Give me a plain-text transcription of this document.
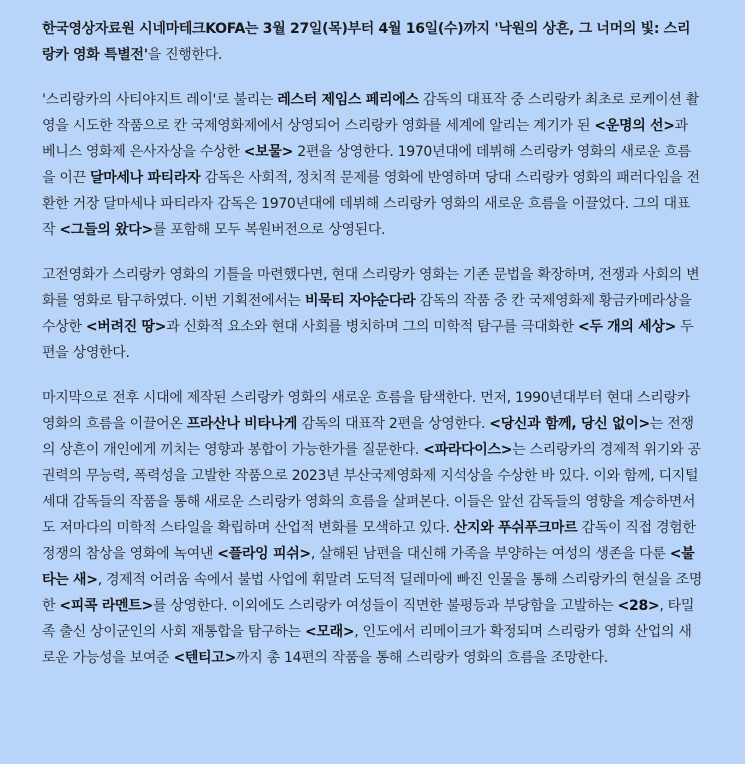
한국영상자료원 시네마테크KOFA는 3월 27일(목)부터 4월 16일(수)까지 '낙원의 상흔, 그 너머의 빛: 스리랑카 영화 특별전'을 진행한다.

'스리랑카의 사티야지트 레이'로 불리는 레스터 제임스 페리에스 감독의 대표작 중 스리랑카 최초로 로케이션 촬영을 시도한 작품으로 칸 국제영화제에서 상영되어 스리랑카 영화를 세계에 알리는 계기가 된 <운명의 선>과 베니스 영화제 은사자상을 수상한 <보물> 2편을 상영한다. 1970년대에 데뷔해 스리랑카 영화의 새로운 흐름을 이끈 달마세나 파티라자 감독은 사회적, 정치적 문제를 영화에 반영하며 당대 스리랑카 영화의 패러다임을 전환한 거장 달마세나 파티라자 감독은 1970년대에 데뷔해 스리랑카 영화의 새로운 흐름을 이끌었다. 그의 대표작 <그들의 왔다>를 포함해 모두 복원버전으로 상영된다.

고전영화가 스리랑카 영화의 기틀을 마련했다면, 현대 스리랑카 영화는 기존 문법을 확장하며, 전쟁과 사회의 변화를 영화로 탐구하였다. 이번 기획전에서는 비묵티 자야순다라 감독의 작품 중 칸 국제영화제 황금카메라상을 수상한 <버려진 땅>과 신화적 요소와 현대 사회를 병치하며 그의 미학적 탐구를 극대화한 <두 개의 세상> 두 편을 상영한다.

마지막으로 전후 시대에 제작된 스리랑카 영화의 새로운 흐름을 탐색한다. 먼저, 1990년대부터 현대 스리랑카 영화의 흐름을 이끌어온 프라산나 비타나게 감독의 대표작 2편을 상영한다. <당신과 함께, 당신 없이>는 전쟁의 상흔이 개인에게 끼치는 영향과 봉합이 가능한가를 질문한다. <파라다이스>는 스리랑카의 경제적 위기와 공권력의 무능력, 폭력성을 고발한 작품으로 2023년 부산국제영화제 지석상을 수상한 바 있다. 이와 함께, 디지털 세대 감독들의 작품을 통해 새로운 스리랑카 영화의 흐름을 살펴본다. 이들은 앞선 감독들의 영향을 계승하면서도 저마다의 미학적 스타일을 확립하며 산업적 변화를 모색하고 있다. 산지와 푸쉬푸크마르 감독이 직접 경험한 정쟁의 참상을 영화에 녹여낸 <플라잉 피쉬>, 살해된 남편을 대신해 가족을 부양하는 여성의 생존을 다룬 <불타는 새>, 경제적 어려움 속에서 불법 사업에 휘말려 도덕적 딜레마에 빠진 인물을 통해 스리랑카의 현실을 조명한 <피콕 라멘트>를 상영한다. 이외에도 스리랑카 여성들이 직면한 불평등과 부당함을 고발하는 <28>, 타밀족 출신 상이군인의 사회 재통합을 탐구하는 <모래>, 인도에서 리메이크가 확정되며 스리랑카 영화 산업의 새로운 가능성을 보여준 <텐티고>까지 총 14편의 작품을 통해 스리랑카 영화의 흐름을 조망한다.
